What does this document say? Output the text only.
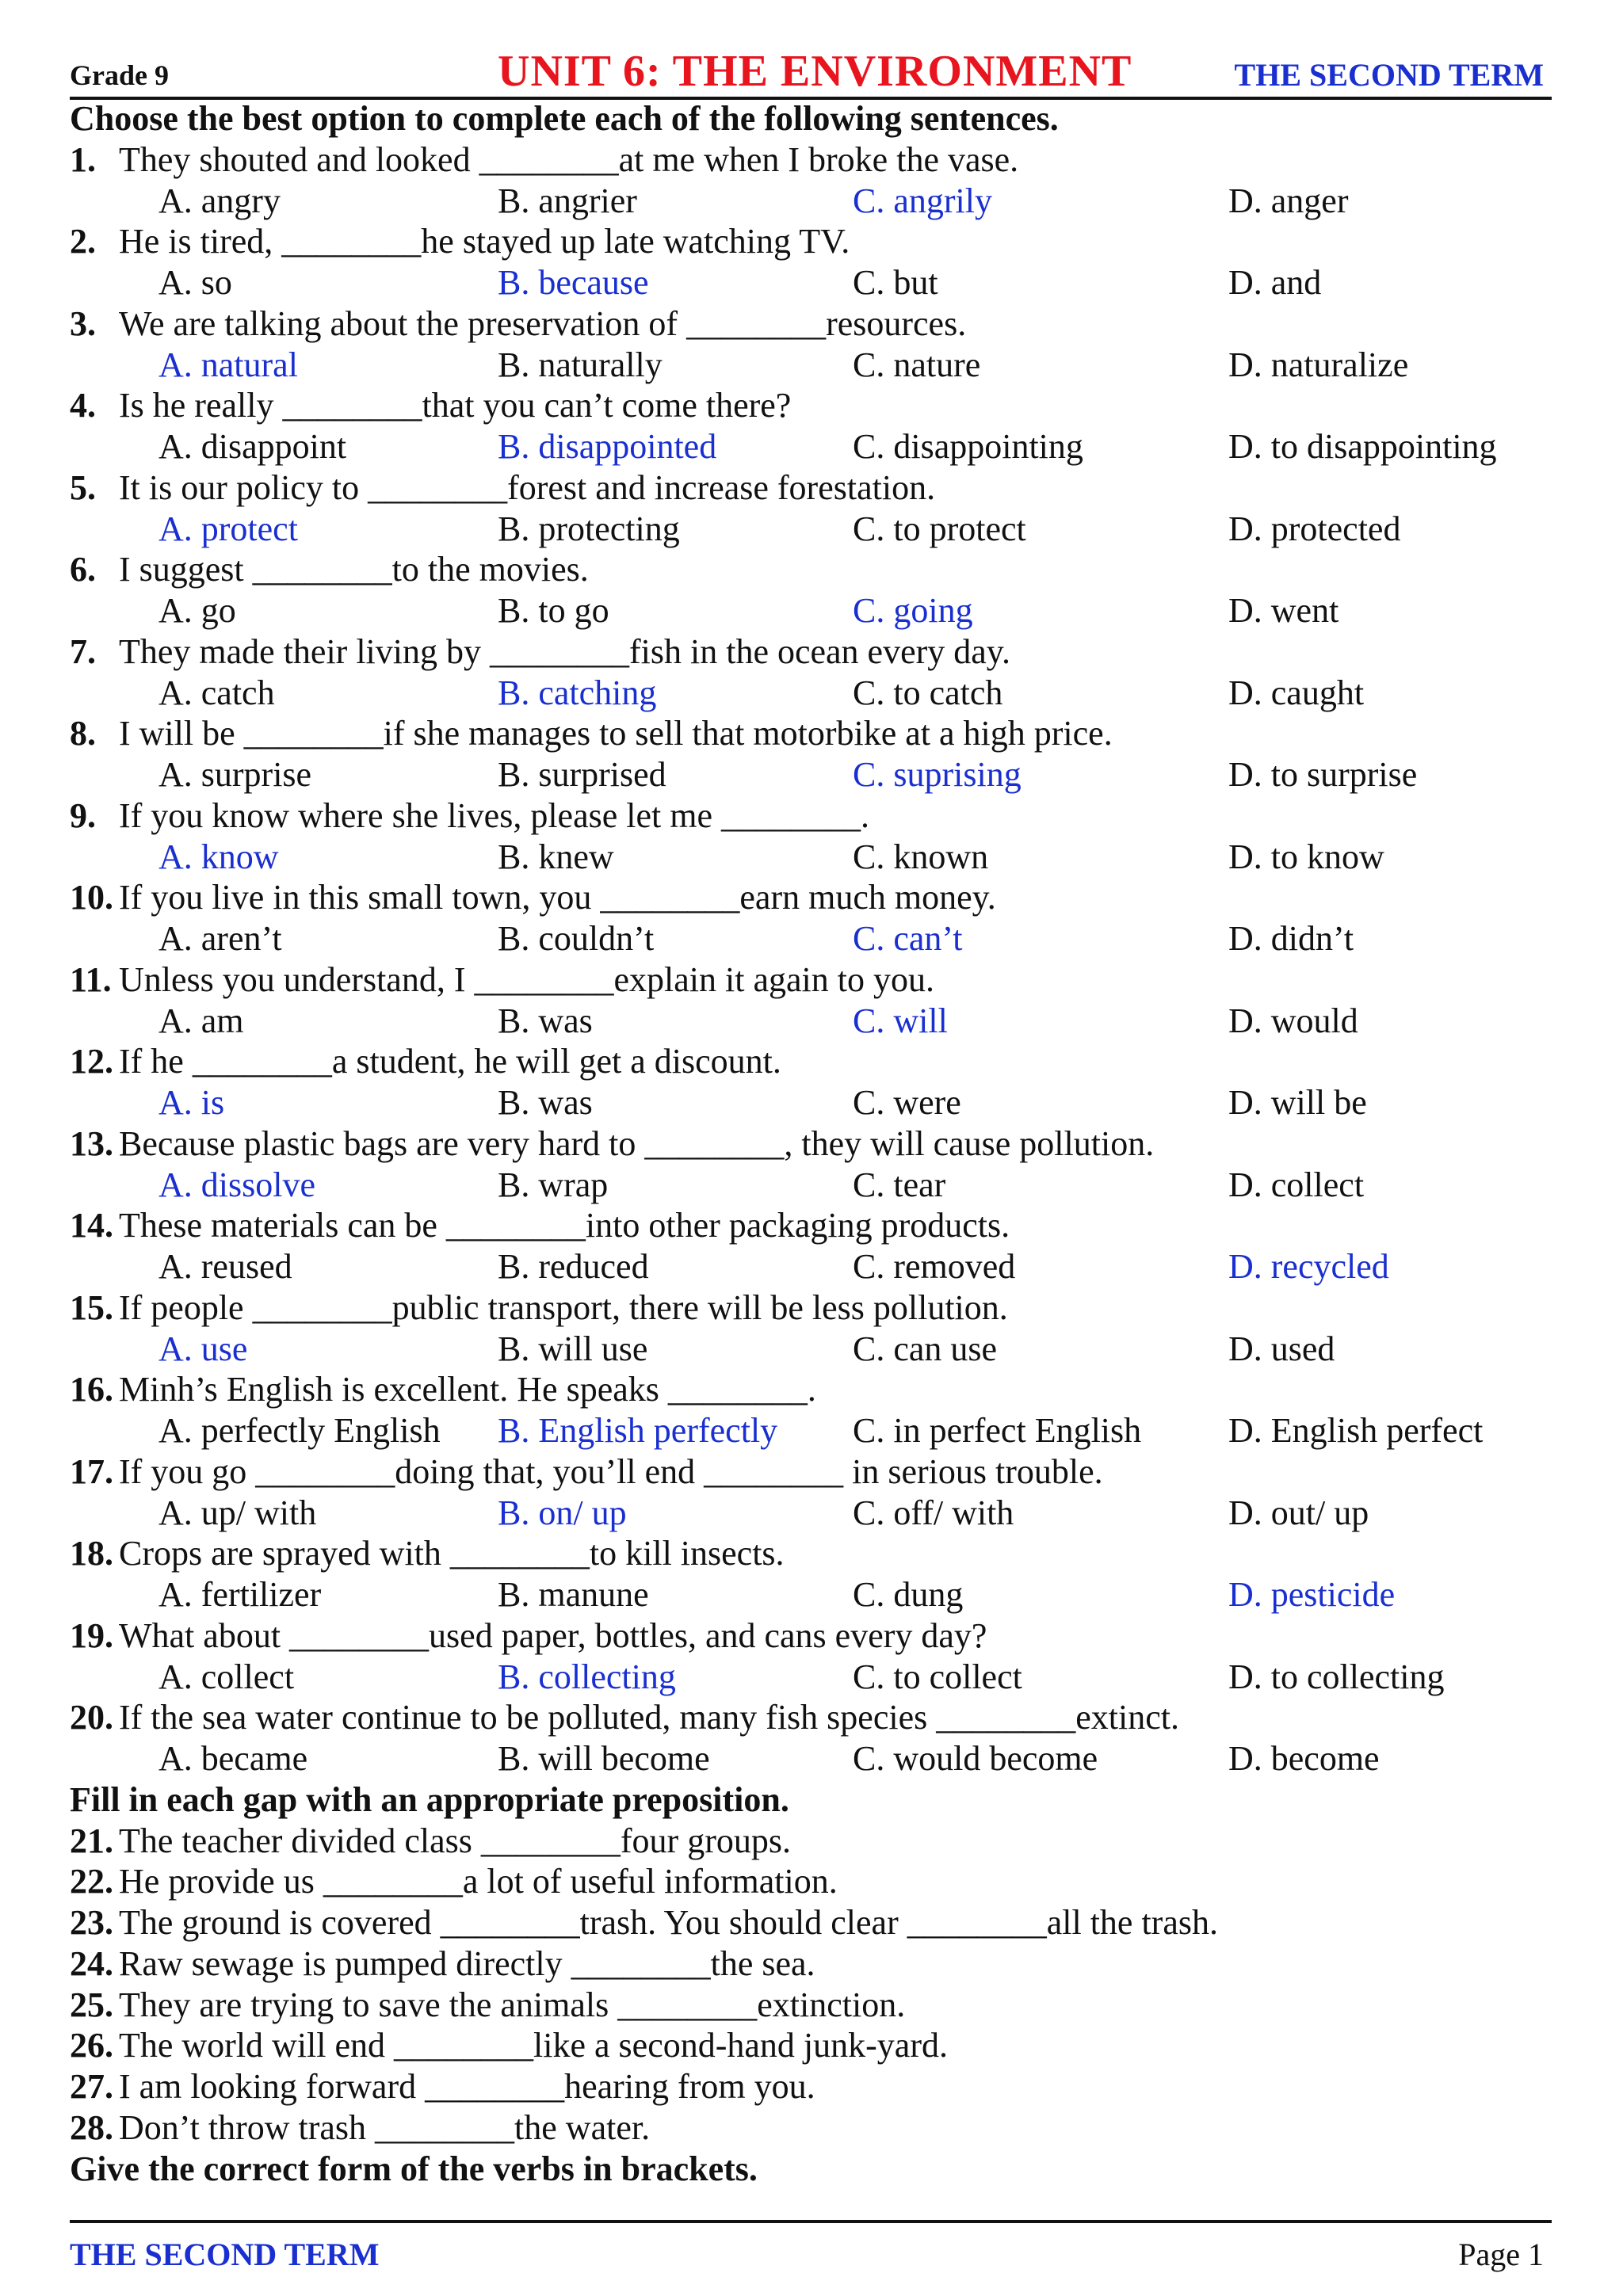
Grade 9	UNIT 6: THE ENVIRONMENT	THE SECOND TERM
Choose the best option to complete each of the following sentences.
1. They shouted and looked ________at me when I broke the vase.
A. angry	B. angrier	C. angrily	D. anger
2. He is tired, ________he stayed up late watching TV.
A. so	B. because	C. but	D. and
3. We are talking about the preservation of ________resources.
A. natural	B. naturally	C. nature	D. naturalize
4. Is he really ________that you can’t come there?
A. disappoint	B. disappointed	C. disappointing	D. to disappointing
5. It is our policy to ________forest and increase forestation.
A. protect	B. protecting	C. to protect	D. protected
6. I suggest ________to the movies.
A. go	B. to go	C. going	D. went
7. They made their living by ________fish in the ocean every day.
A. catch	B. catching	C. to catch	D. caught
8. I will be ________if she manages to sell that motorbike at a high price.
A. surprise	B. surprised	C. suprising	D. to surprise
9. If you know where she lives, please let me ________.
A. know	B. knew	C. known	D. to know
10. If you live in this small town, you ________earn much money.
A. aren’t	B. couldn’t	C. can’t	D. didn’t
11. Unless you understand, I ________explain it again to you.
A. am	B. was	C. will	D. would
12. If he ________a student, he will get a discount.
A. is	B. was	C. were	D. will be
13. Because plastic bags are very hard to ________, they will cause pollution.
A. dissolve	B. wrap	C. tear	D. collect
14. These materials can be ________into other packaging products.
A. reused	B. reduced	C. removed	D. recycled
15. If people ________public transport, there will be less pollution.
A. use	B. will use	C. can use	D. used
16. Minh’s English is excellent. He speaks ________.
A. perfectly English B. English perfectly C. in perfect English D. English perfect
17. If you go ________doing that, you’ll end ________ in serious trouble.
A. up/ with	B. on/ up	C. off/ with	D. out/ up
18. Crops are sprayed with ________to kill insects.
A. fertilizer	B. manune	C. dung	D. pesticide
19. What about ________used paper, bottles, and cans every day?
A. collect	B. collecting	C. to collect	D. to collecting
20. If the sea water continue to be polluted, many fish species ________extinct.
A. became	B. will become	C. would become	D. become
Fill in each gap with an appropriate preposition.
21. The teacher divided class ________four groups.
22. He provide us ________a lot of useful information.
23. The ground is covered ________trash. You should clear ________all the trash.
24. Raw sewage is pumped directly ________the sea.
25. They are trying to save the animals ________extinction.
26. The world will end ________like a second-hand junk-yard.
27. I am looking forward ________hearing from you.
28. Don’t throw trash ________the water.
Give the correct form of the verbs in brackets.
THE SECOND TERM	Page 1
